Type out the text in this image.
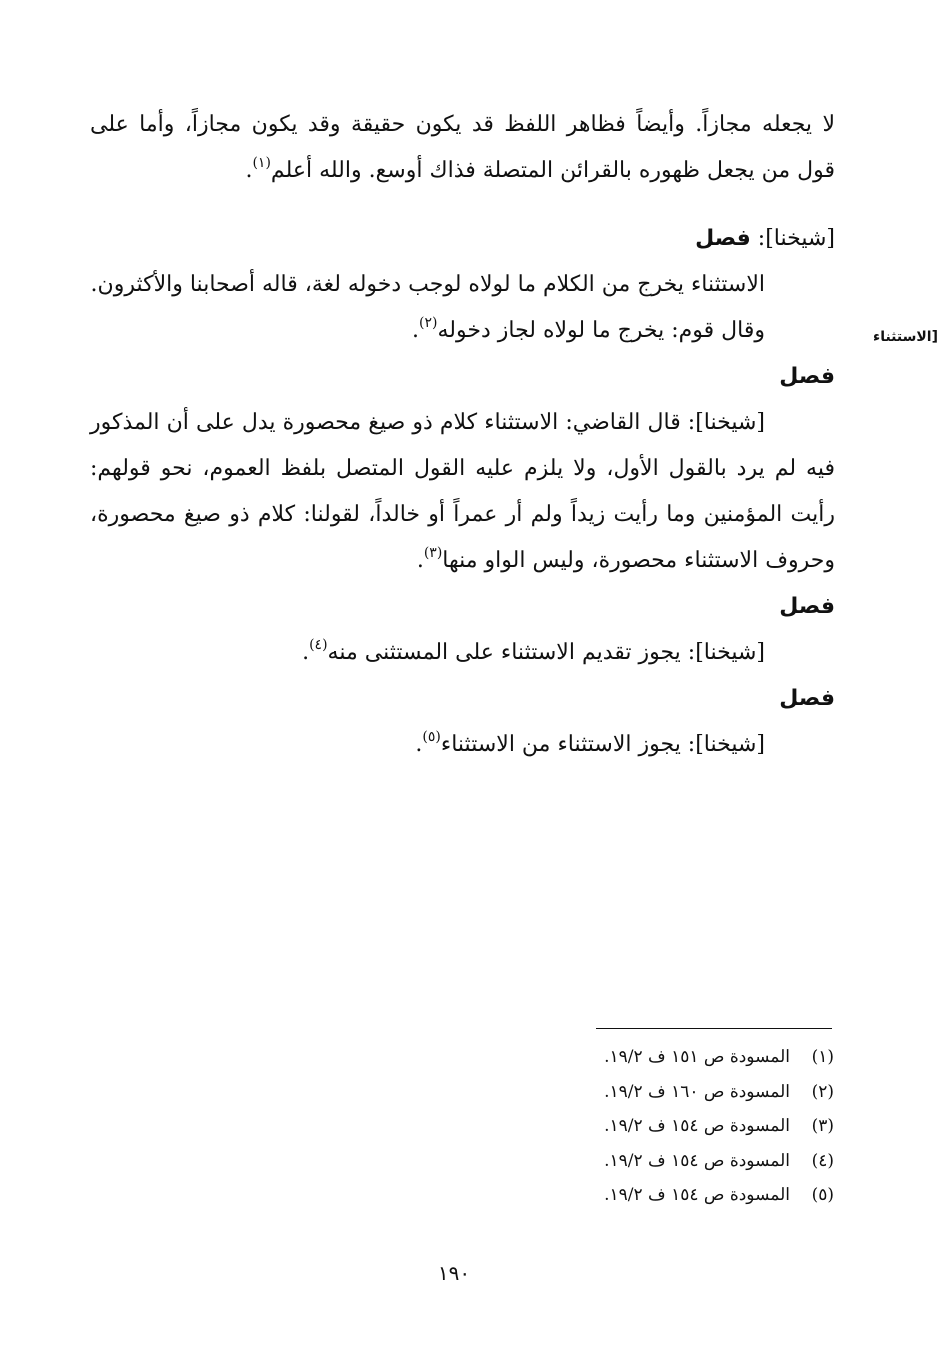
[الاستثناء

لا يجعله مجازاً. وأيضاً فظاهر اللفظ قد يكون حقيقة وقد يكون مجازاً، وأما على قول من يجعل ظهوره بالقرائن المتصلة فذاك أوسع. والله أعلم$^{(١)}$.

[شيخنا]: فصل

الاستثناء يخرج من الكلام ما لولاه لوجب دخوله لغة، قاله أصحابنا والأكثرون.

وقال قوم: يخرج ما لولاه لجاز دخوله$^{(٢)}$.

فصل

[شيخنا]: قال القاضي: الاستثناء كلام ذو صيغ محصورة يدل على أن المذكور فيه لم يرد بالقول الأول، ولا يلزم عليه القول المتصل بلفظ العموم، نحو قولهم: رأيت المؤمنين وما رأيت زيداً ولم أر عمراً أو خالداً، لقولنا: كلام ذو صيغ محصورة، وحروف الاستثناء محصورة، وليس الواو منها$^{(٣)}$.

فصل

[شيخنا]: يجوز تقديم الاستثناء على المستثنى منه$^{(٤)}$.

فصل

[شيخنا]: يجوز الاستثناء من الاستثناء$^{(٥)}$.

(١)المسودة ص ١٥١ ف ١٩/٢.
(٢)المسودة ص ١٦٠ ف ١٩/٢.
(٣)المسودة ص ١٥٤ ف ١٩/٢.
(٤)المسودة ص ١٥٤ ف ١٩/٢.
(٥)المسودة ص ١٥٤ ف ١٩/٢.
١٩٠
